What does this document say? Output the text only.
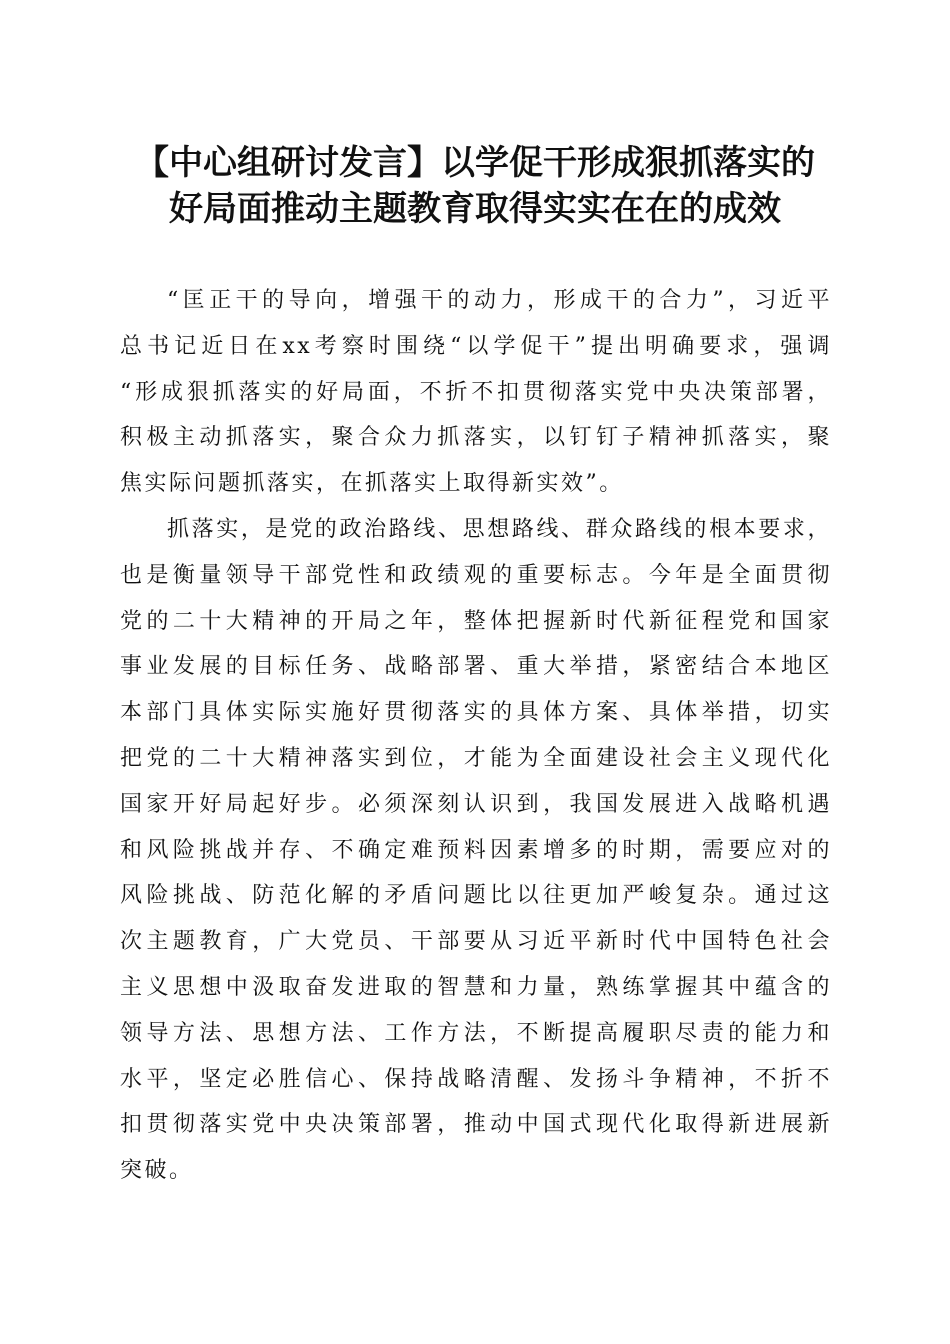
【中心组研讨发言】以学促干形成狠抓落实的
好局面推动主题教育取得实实在在的成效
“匡正干的导向，增强干的动力，形成干的合力”，习近平
总书记近日在xx考察时围绕“以学促干”提出明确要求，强调
“形成狠抓落实的好局面，不折不扣贯彻落实党中央决策部署，
积极主动抓落实，聚合众力抓落实，以钉钉子精神抓落实，聚
焦实际问题抓落实，在抓落实上取得新实效”。
抓落实，是党的政治路线、思想路线、群众路线的根本要求，
也是衡量领导干部党性和政绩观的重要标志。今年是全面贯彻
党的二十大精神的开局之年，整体把握新时代新征程党和国家
事业发展的目标任务、战略部署、重大举措，紧密结合本地区
本部门具体实际实施好贯彻落实的具体方案、具体举措，切实
把党的二十大精神落实到位，才能为全面建设社会主义现代化
国家开好局起好步。必须深刻认识到，我国发展进入战略机遇
和风险挑战并存、不确定难预料因素增多的时期，需要应对的
风险挑战、防范化解的矛盾问题比以往更加严峻复杂。通过这
次主题教育，广大党员、干部要从习近平新时代中国特色社会
主义思想中汲取奋发进取的智慧和力量，熟练掌握其中蕴含的
领导方法、思想方法、工作方法，不断提高履职尽责的能力和
水平，坚定必胜信心、保持战略清醒、发扬斗争精神，不折不
扣贯彻落实党中央决策部署，推动中国式现代化取得新进展新
突破。
